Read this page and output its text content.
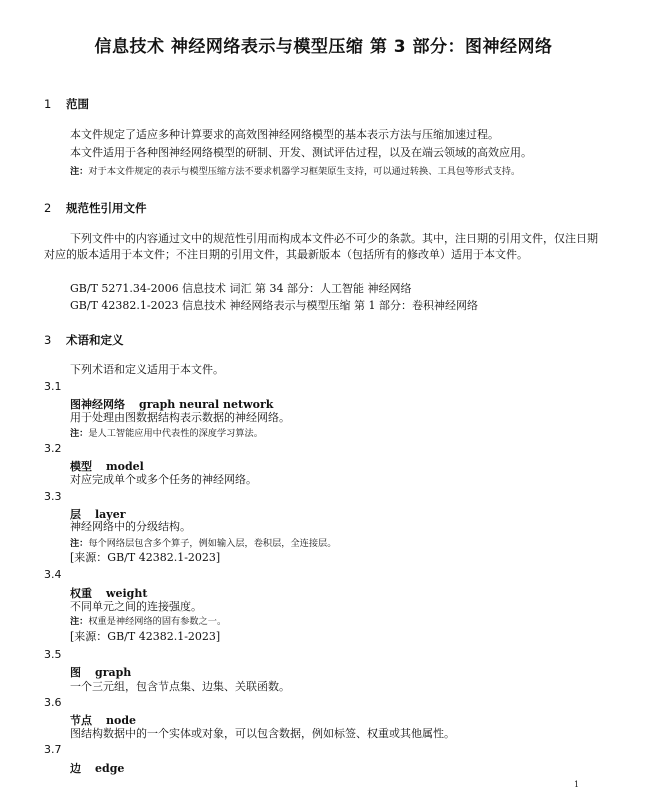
信息技术 神经网络表示与模型压缩 第 3 部分：图神经网络
1 范围
本文件规定了适应多种计算要求的高效图神经网络模型的基本表示方法与压缩加速过程。
本文件适用于各种图神经网络模型的研制、开发、测试评估过程，以及在端云领域的高效应用。
注：对于本文件规定的表示与模型压缩方法不要求机器学习框架原生支持，可以通过转换、工具包等形式支持。
2 规范性引用文件
下列文件中的内容通过文中的规范性引用而构成本文件必不可少的条款。其中，注日期的引用文件，仅注日期对应的版本适用于本文件；不注日期的引用文件，其最新版本（包括所有的修改单）适用于本文件。
GB/T 5271.34-2006 信息技术 词汇 第 34 部分：人工智能 神经网络
GB/T 42382.1-2023 信息技术 神经网络表示与模型压缩 第 1 部分：卷积神经网络
3 术语和定义
下列术语和定义适用于本文件。
3.1
图神经网络 graph neural network
用于处理由图数据结构表示数据的神经网络。
注：是人工智能应用中代表性的深度学习算法。
3.2
模型 model
对应完成单个或多个任务的神经网络。
3.3
层 layer
神经网络中的分级结构。
注：每个网络层包含多个算子，例如输入层，卷积层，全连接层。
[来源：GB/T 42382.1-2023]
3.4
权重 weight
不同单元之间的连接强度。
注：权重是神经网络的固有参数之一。
[来源：GB/T 42382.1-2023]
3.5
图 graph
一个三元组，包含节点集、边集、关联函数。
3.6
节点 node
图结构数据中的一个实体或对象，可以包含数据，例如标签、权重或其他属性。
3.7
边 edge
1
